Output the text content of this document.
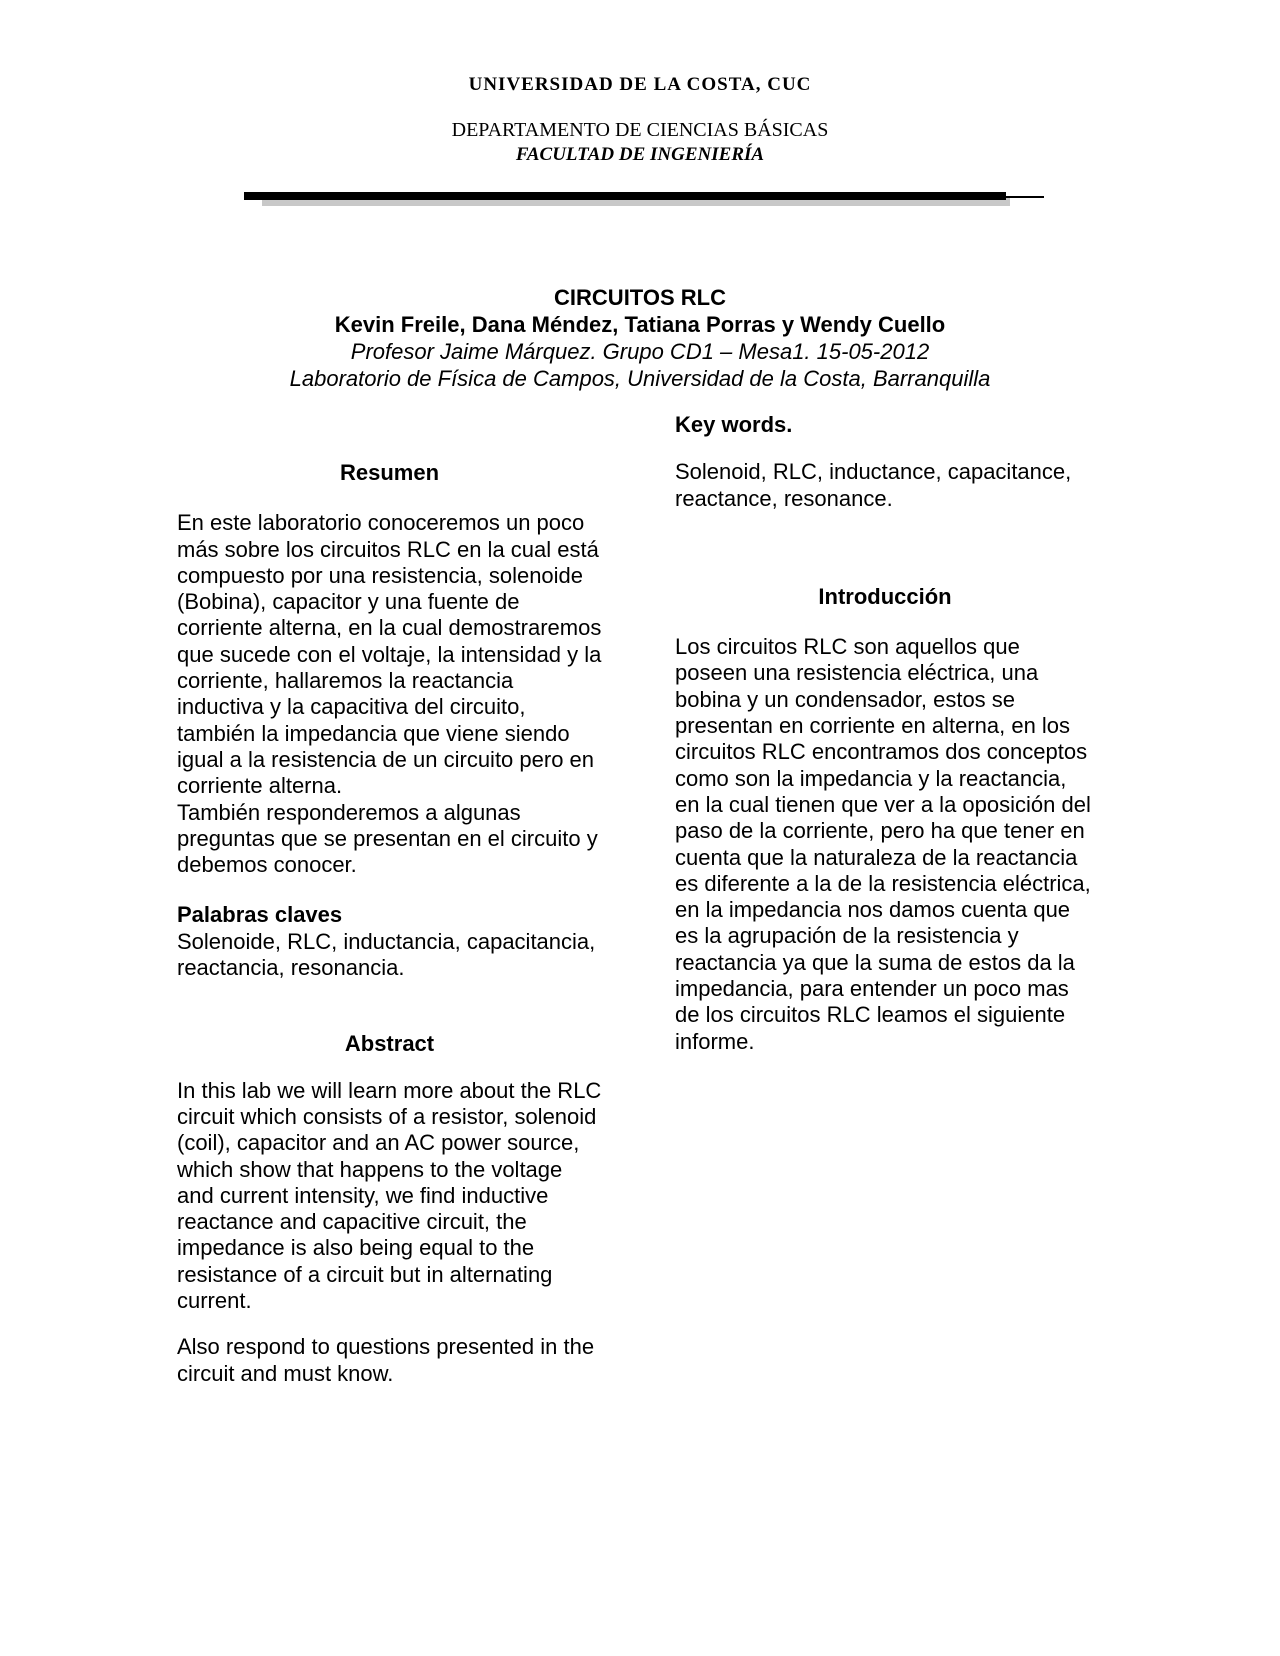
UNIVERSIDAD DE LA COSTA, CUC
DEPARTAMENTO DE CIENCIAS BÁSICAS
FACULTAD DE INGENIERÍA
CIRCUITOS RLC
Kevin Freile, Dana Méndez, Tatiana Porras y Wendy Cuello
Profesor Jaime Márquez. Grupo CD1 – Mesa1. 15-05-2012
Laboratorio de Física de Campos, Universidad de la Costa, Barranquilla
Resumen

En este laboratorio conoceremos un poco más sobre los circuitos RLC en la cual está compuesto por una resistencia, solenoide (Bobina), capacitor y una fuente de corriente alterna, en la cual demostraremos que sucede con el voltaje, la intensidad y la corriente, hallaremos la reactancia inductiva y la capacitiva del circuito, también la impedancia que viene siendo igual a la resistencia de un circuito pero en corriente alterna.

También responderemos a algunas preguntas que se presentan en el circuito y debemos conocer.

Palabras claves

Solenoide, RLC, inductancia, capacitancia, reactancia, resonancia.

Abstract

In this lab we will learn more about the RLC circuit which consists of a resistor, solenoid (coil), capacitor and an AC power source, which show that happens to the voltage and current intensity, we find inductive reactance and capacitive circuit, the impedance is also being equal to the resistance of a circuit but in alternating current.

Also respond to questions presented in the circuit and must know.

Key words.

Solenoid, RLC, inductance, capacitance, reactance, resonance.

Introducción

Los circuitos RLC son aquellos que poseen una resistencia eléctrica, una bobina y un condensador, estos se presentan en corriente en alterna, en los circuitos RLC encontramos dos conceptos como son la impedancia y la reactancia, en la cual tienen que ver a la oposición del paso de la corriente, pero ha que tener en cuenta que la naturaleza de la reactancia es diferente a la de la resistencia eléctrica, en la impedancia nos damos cuenta que es la agrupación de la resistencia y reactancia ya que la suma de estos da la impedancia, para entender un poco mas de los circuitos RLC leamos el siguiente informe.
